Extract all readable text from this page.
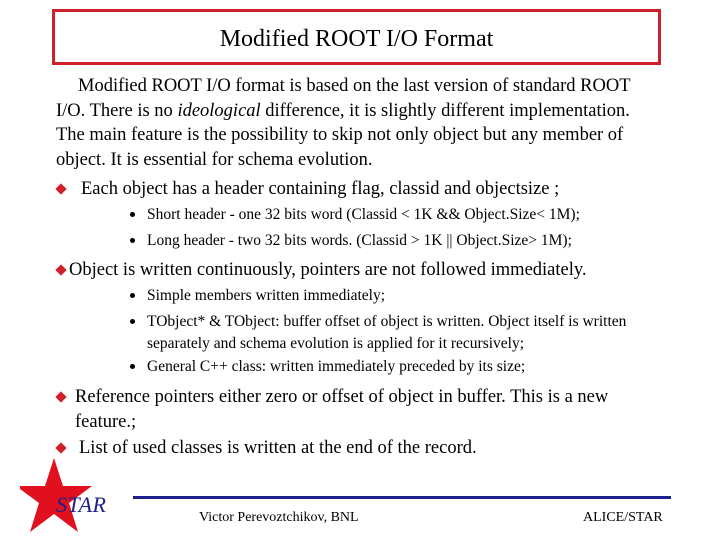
Modified ROOT I/O Format
Modified ROOT I/O format is based on the last version of standard ROOT I/O. There is no ideological difference, it is slightly different implementation. The main feature is the possibility to skip not only object but any member of object. It is essential for schema evolution.
Each object has a header containing flag, classid and objectsize ;
Short header - one 32 bits word (Classid < 1K && Object.Size< 1M);
Long header - two 32 bits words. (Classid > 1K || Object.Size> 1M);
Object is written continuously, pointers are not followed immediately.
Simple members written immediately;
TObject* & TObject: buffer offset of object is written. Object itself is written separately and schema evolution is applied for it recursively;
General C++ class: written immediately preceded by its size;
Reference pointers either zero or offset of object in buffer. This is a new feature.;
List of used classes is written at the end of the record.
STAR
Victor Perevoztchikov, BNL	ALICE/STAR
